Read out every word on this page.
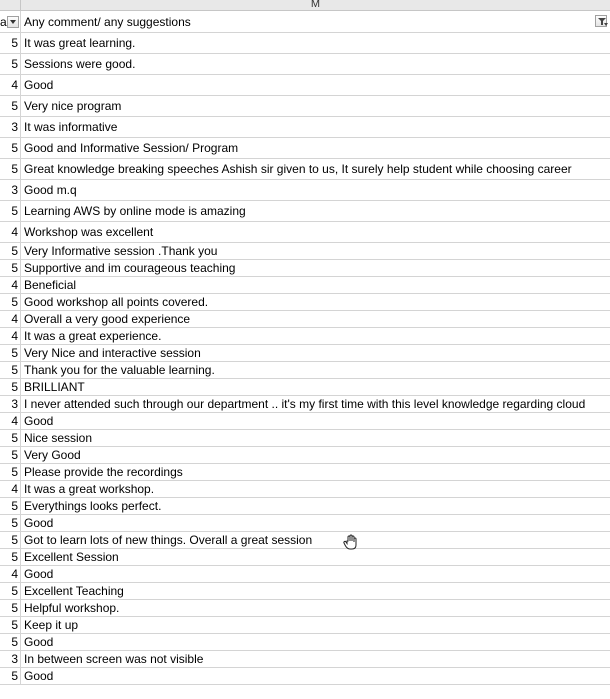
M
a	Any comment/ any suggestions
5 It was great learning.
5 Sessions were good.
4 Good
5 Very nice program
3 It was informative
5 Good and Informative Session/ Program
5 Great knowledge breaking speeches Ashish sir given to us, It surely help student while choosing career
3 Good m.q
5 Learning AWS by online mode is amazing
4 Workshop was excellent
5 Very Informative session .Thank you
5 Supportive and im courageous teaching
4 Beneficial
5 Good workshop all points covered.
4 Overall a very good experience
4 It was a great experience.
5 Very Nice and interactive session
5 Thank you for the valuable learning.
5 BRILLIANT
3 I never attended such through our department .. it's my first time with this level knowledge regarding cloud
4 Good
5 Nice session
5 Very Good
5 Please provide the recordings
4 It was a great workshop.
5 Everythings looks perfect.
5 Good
5 Got to learn lots of new things. Overall a great session
5 Excellent Session
4 Good
5 Excellent Teaching
5 Helpful workshop.
5 Keep it up
5 Good
3 In between screen was not visible
5 Good
